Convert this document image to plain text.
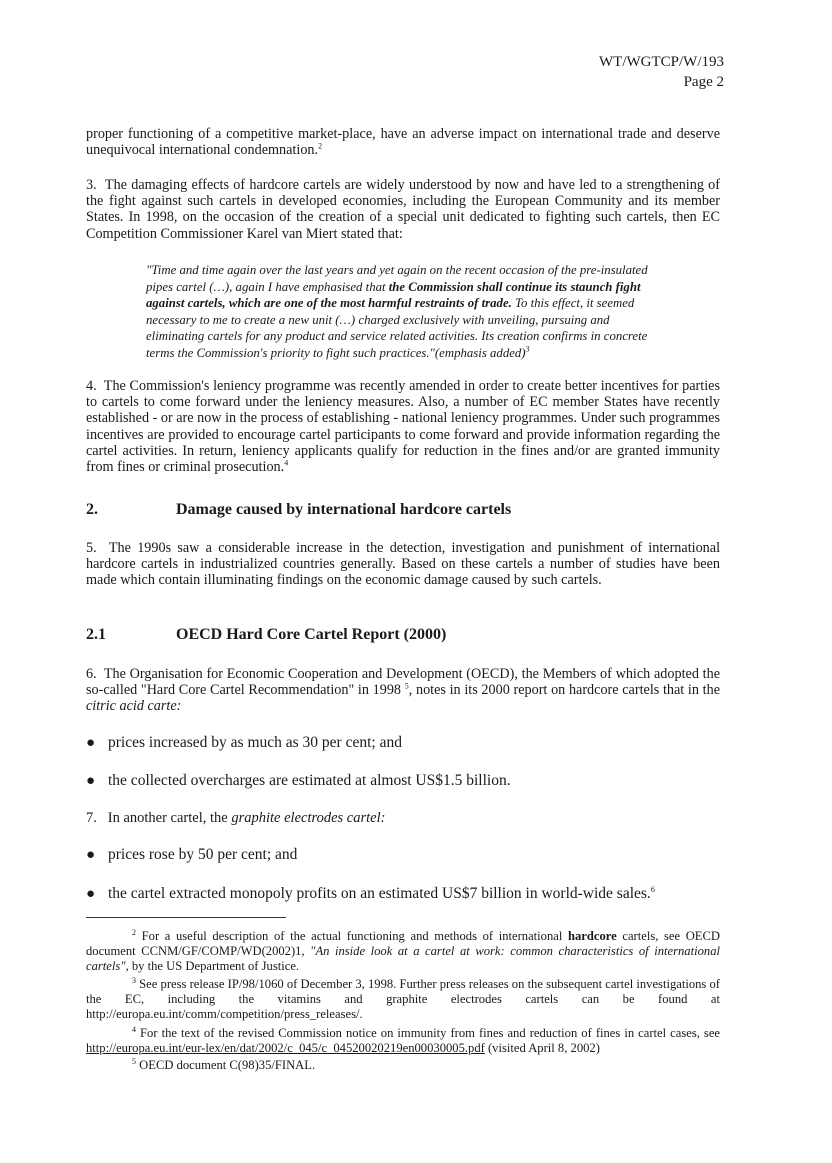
WT/WGTCP/W/193
Page 2
proper functioning of a competitive market-place, have an adverse impact on international trade and deserve unequivocal international condemnation.$^2$
3. The damaging effects of hardcore cartels are widely understood by now and have led to a strengthening of the fight against such cartels in developed economies, including the European Community and its member States. In 1998, on the occasion of the creation of a special unit dedicated to fighting such cartels, then EC Competition Commissioner Karel van Miert stated that:
"Time and time again over the last years and yet again on the recent occasion of the pre-insulated pipes cartel (…), again I have emphasised that the Commission shall continue its staunch fight against cartels, which are one of the most harmful restraints of trade. To this effect, it seemed necessary to me to create a new unit (…) charged exclusively with unveiling, pursuing and eliminating cartels for any product and service related activities. Its creation confirms in concrete terms the Commission's priority to fight such practices."(emphasis added)$^3$
4. The Commission's leniency programme was recently amended in order to create better incentives for parties to cartels to come forward under the leniency measures. Also, a number of EC member States have recently established - or are now in the process of establishing - national leniency programmes. Under such programmes incentives are provided to encourage cartel participants to come forward and provide information regarding the cartel activities. In return, leniency applicants qualify for reduction in the fines and/or are granted immunity from fines or criminal prosecution.$^4$
2.	Damage caused by international hardcore cartels
5. The 1990s saw a considerable increase in the detection, investigation and punishment of international hardcore cartels in industrialized countries generally. Based on these cartels a number of studies have been made which contain illuminating findings on the economic damage caused by such cartels.
2.1	OECD Hard Core Cartel Report (2000)
6. The Organisation for Economic Cooperation and Development (OECD), the Members of which adopted the so-called "Hard Core Cartel Recommendation" in 1998 $^5$, notes in its 2000 report on hardcore cartels that in the citric acid carte:
● prices increased by as much as 30 per cent; and
● the collected overcharges are estimated at almost US$1.5 billion.
7. In another cartel, the graphite electrodes cartel:
● prices rose by 50 per cent; and
● the cartel extracted monopoly profits on an estimated US$7 billion in world-wide sales.$^6$
$^2$ For a useful description of the actual functioning and methods of international hardcore cartels, see OECD document CCNM/GF/COMP/WD(2002)1, "An inside look at a cartel at work: common characteristics of international cartels", by the US Department of Justice.
$^3$ See press release IP/98/1060 of December 3, 1998. Further press releases on the subsequent cartel investigations of the EC, including the vitamins and graphite electrodes cartels can be found at http://europa.eu.int/comm/competition/press_releases/.
$^4$ For the text of the revised Commission notice on immunity from fines and reduction of fines in cartel cases, see http://europa.eu.int/eur-lex/en/dat/2002/c_045/c_04520020219en00030005.pdf (visited April 8, 2002)
$^5$ OECD document C(98)35/FINAL.
